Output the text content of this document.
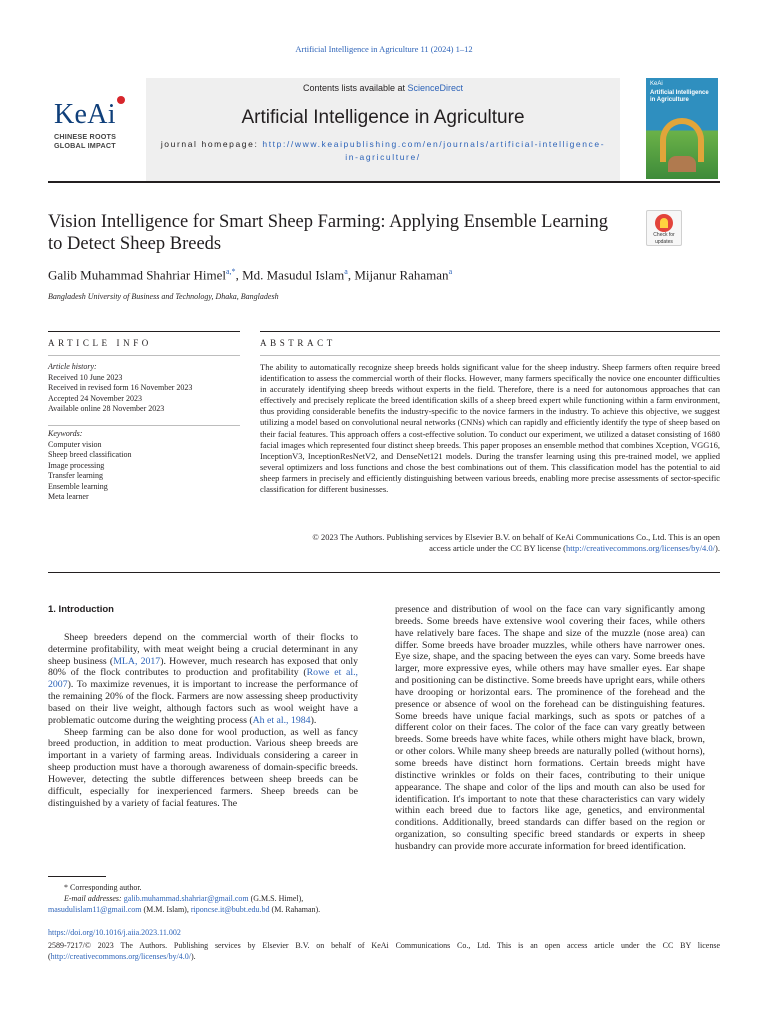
Artificial Intelligence in Agriculture 11 (2024) 1–12
KeAi
CHINESE ROOTS
GLOBAL IMPACT
Contents lists available at ScienceDirect
Artificial Intelligence in Agriculture
journal homepage: http://www.keaipublishing.com/en/journals/artificial-intelligence-in-agriculture/
KeAi
Artificial Intelligence in Agriculture
Vision Intelligence for Smart Sheep Farming: Applying Ensemble Learning to Detect Sheep Breeds	Check for
updates
Galib Muhammad Shahriar Himel$^{a,*}$, Md. Masudul Islam$^a$, Mijanur Rahaman$^a$
Bangladesh University of Business and Technology, Dhaka, Bangladesh
ARTICLE INFO	ABSTRACT
Article history:
Received 10 June 2023
Received in revised form 16 November 2023
Accepted 24 November 2023
Available online 28 November 2023
Keywords:
Computer vision
Sheep breed classification
Image processing
Transfer learning
Ensemble learning
Meta learner
The ability to automatically recognize sheep breeds holds significant value for the sheep industry. Sheep farmers often require breed identification to assess the commercial worth of their flocks. However, many farmers specifically the novice one encounter difficulties in accurately identifying sheep breeds without experts in the field. Therefore, there is a need for autonomous approaches that can effectively and precisely replicate the breed identification skills of a sheep breed expert while functioning within a farm environment, thus providing considerable benefits the industry-specific to the novice farmers in the industry. To achieve this objective, we suggest utilizing a model based on convolutional neural networks (CNNs) which can rapidly and efficiently identify the type of sheep based on their facial features. This approach offers a cost-effective solution. To conduct our experiment, we utilized a dataset consisting of 1680 facial images which represented four distinct sheep breeds. This paper proposes an ensemble method that combines Xception, VGG16, InceptionV3, InceptionResNetV2, and DenseNet121 models. During the transfer learning using this pre-trained model, we applied several optimizers and loss functions and chose the best combinations out of them. This classification model has the potential to aid sheep farmers in precisely and efficiently distinguishing between various breeds, enabling more precise assessments of sector-specific classification for different businesses.
© 2023 The Authors. Publishing services by Elsevier B.V. on behalf of KeAi Communications Co., Ltd. This is an open
access article under the CC BY license (http://creativecommons.org/licenses/by/4.0/).
1. Introduction

Sheep breeders depend on the commercial worth of their flocks to determine profitability, with meat weight being a crucial determinant in any sheep business (MLA, 2017). However, much research has exposed that only 80% of the flock contributes to production and profitability (Rowe et al., 2007). To maximize revenues, it is important to increase the performance of the remaining 20% of the flock. Farmers are now assessing sheep productivity based on their live weight, although factors such as wool weight have a problematic outcome during the weighting process (Ah et al., 1984).

Sheep farming can be also done for wool production, as well as fancy breed production, in addition to meat production. Various sheep breeds are important in a variety of farming areas. Individuals considering a career in sheep production must have a thorough awareness of domain-specific breeds. However, detecting the subtle differences between sheep breeds can be difficult, especially for inexperienced farmers. Sheep breeds can be distinguished by a variety of facial features. The

presence and distribution of wool on the face can vary significantly among breeds. Some breeds have extensive wool covering their faces, while others have relatively bare faces. The shape and size of the muzzle (nose area) can differ. Some breeds have broader muzzles, while others have narrower ones. Eye size, shape, and the spacing between the eyes can vary. Some breeds have larger, more expressive eyes, while others may have smaller eyes. Ear shape and positioning can be distinctive. Some breeds have upright ears, while others have drooping or horizontal ears. The prominence of the forehead and the presence or absence of wool on the forehead can be distinguishing features. Some breeds have unique facial markings, such as spots or patches of a different color on their faces. The color of the face can vary greatly between breeds. Some breeds have white faces, while others might have black, brown, or other colors. While many sheep breeds are naturally polled (without horns), some breeds have distinct horn formations. Certain breeds might have distinctive wrinkles or folds on their faces, contributing to their unique appearance. The shape and color of the lips and mouth can also be used for identification. It's important to note that these characteristics can vary widely within each breed due to factors like age, genetics, and environmental conditions. Additionally, breed standards can differ based on the region or organization, so consulting specific breed standards or experts in sheep husbandry can provide more accurate information for breed identification.

* Corresponding author.
E-mail addresses: galib.muhammad.shahriar@gmail.com (G.M.S. Himel),
masudulislam11@gmail.com (M.M. Islam), riponcse.it@bubt.edu.bd (M. Rahaman).
https://doi.org/10.1016/j.aiia.2023.11.002
2589-7217/© 2023 The Authors. Publishing services by Elsevier B.V. on behalf of KeAi Communications Co., Ltd. This is an open access article under the CC BY license (http://creativecommons.org/licenses/by/4.0/).
